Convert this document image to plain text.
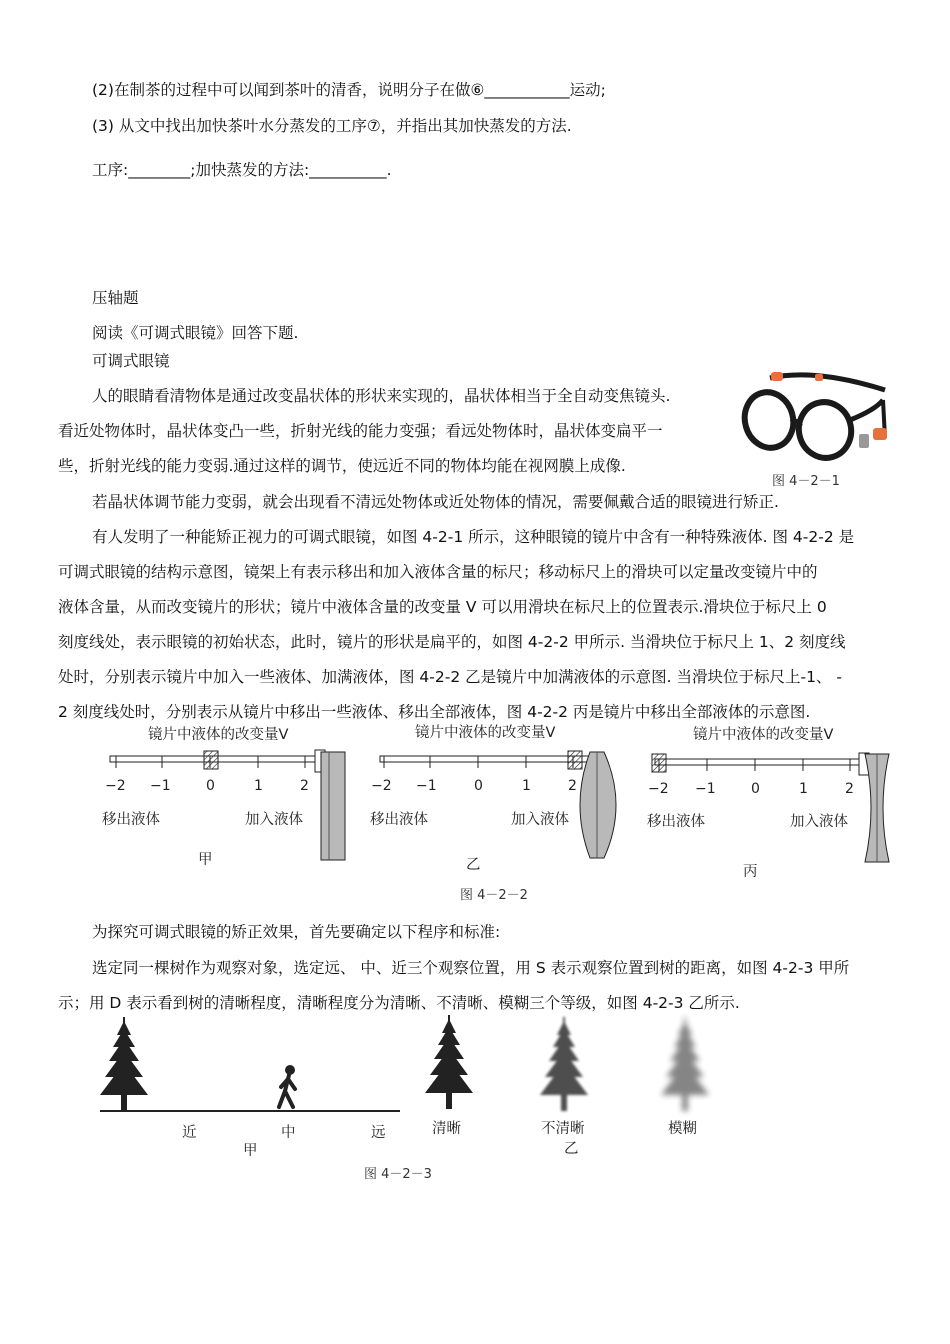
(2)在制茶的过程中可以闻到茶叶的清香，说明分子在做⑥___________运动;
(3) 从文中找出加快茶叶水分蒸发的工序⑦，并指出其加快蒸发的方法.
工序:________;加快蒸发的方法:__________.
压轴题
阅读《可调式眼镜》回答下题.
可调式眼镜
人的眼睛看清物体是通过改变晶状体的形状来实现的，晶状体相当于全自动变焦镜头.
看近处物体时，晶状体变凸一些，折射光线的能力变强；看远处物体时，晶状体变扁平一
些，折射光线的能力变弱.通过这样的调节，使远近不同的物体均能在视网膜上成像.
图 4－2－1
若晶状体调节能力变弱，就会出现看不清远处物体或近处物体的情况，需要佩戴合适的眼镜进行矫正.
有人发明了一种能矫正视力的可调式眼镜，如图 4-2-1 所示，这种眼镜的镜片中含有一种特殊液体. 图 4-2-2 是
可调式眼镜的结构示意图，镜架上有表示移出和加入液体含量的标尺；移动标尺上的滑块可以定量改变镜片中的
液体含量，从而改变镜片的形状；镜片中液体含量的改变量 V 可以用滑块在标尺上的位置表示.滑块位于标尺上 0
刻度线处，表示眼镜的初始状态，此时，镜片的形状是扁平的，如图 4-2-2 甲所示. 当滑块位于标尺上 1、2 刻度线
处时，分别表示镜片中加入一些液体、加满液体，图 4-2-2 乙是镜片中加满液体的示意图. 当滑块位于标尺上-1、 -
2 刻度线处时，分别表示从镜片中移出一些液体、移出全部液体，图 4-2-2 丙是镜片中移出全部液体的示意图.
镜片中液体的改变量V
−2 −1	0	1	2
移出液体	加入液体
甲
镜片中液体的改变量V
−2 −1	0	1	2
移出液体	加入液体
乙
镜片中液体的改变量V
−2 −1	0	1	2
移出液体	加入液体
丙
图 4－2－2
为探究可调式眼镜的矫正效果，首先要确定以下程序和标准:
选定同一棵树作为观察对象，选定远、 中、近三个观察位置，用 S 表示观察位置到树的距离，如图 4-2-3 甲所
示；用 D 表示看到树的清晰程度，清晰程度分为清晰、不清晰、模糊三个等级，如图 4-2-3 乙所示.
近	中	远
甲
清晰	不清晰	模糊
乙
图 4－2－3
